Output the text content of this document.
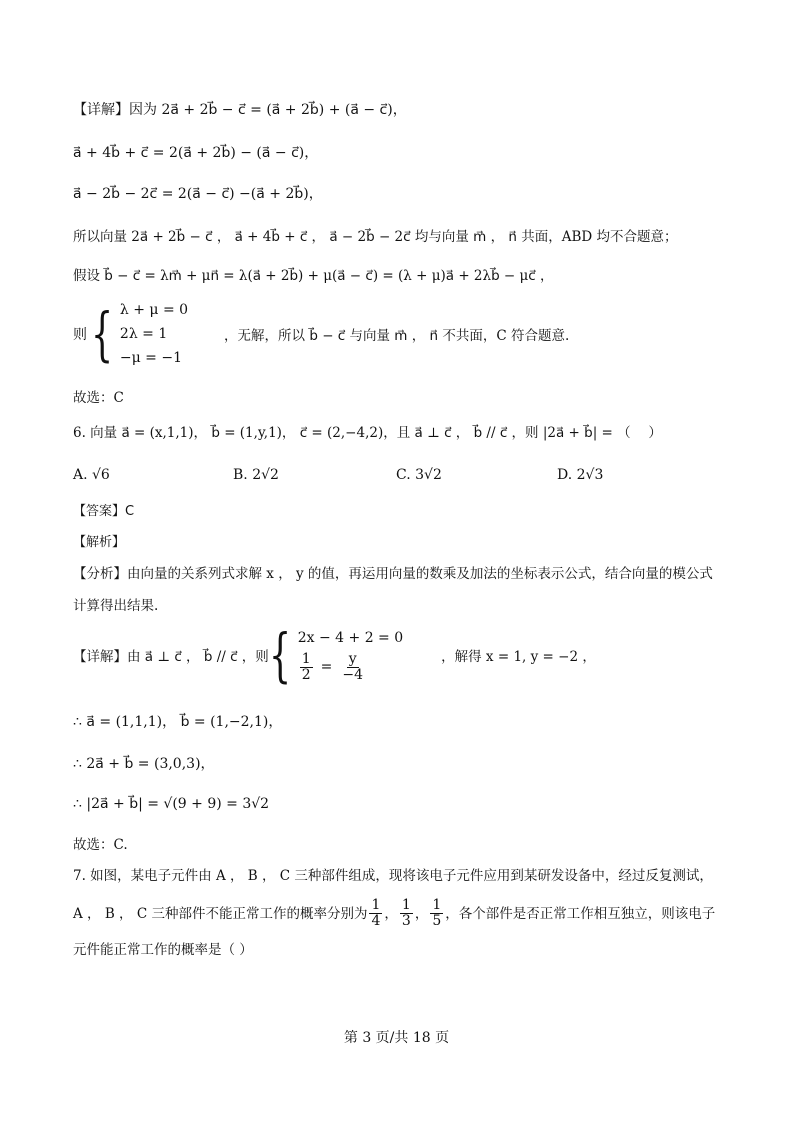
【详解】因为 2a⃗ + 2b⃗ − c⃗ = (a⃗ + 2b⃗) + (a⃗ − c⃗)，
a⃗ + 4b⃗ + c⃗ = 2(a⃗ + 2b⃗) − (a⃗ − c⃗)，
a⃗ − 2b⃗ − 2c⃗ = 2(a⃗ − c⃗) −(a⃗ + 2b⃗)，
所以向量 2a⃗ + 2b⃗ − c⃗ ， a⃗ + 4b⃗ + c⃗ ， a⃗ − 2b⃗ − 2c⃗ 均与向量 m⃗ ， n⃗ 共面，ABD 均不合题意；
假设 b⃗ − c⃗ = λm⃗ + μn⃗ = λ(a⃗ + 2b⃗) + μ(a⃗ − c⃗) = (λ + μ)a⃗ + 2λb⃗ − μc⃗ ，
则 { λ + μ = 0
2λ = 1
−μ = −1
，无解，所以 b⃗ − c⃗ 与向量 m⃗ ， n⃗ 不共面，C 符合题意.
故选：C
6. 向量 a⃗ = (x,1,1)， b⃗ = (1,y,1)， c⃗ = (2,−4,2)，且 a⃗ ⊥ c⃗ ， b⃗ // c⃗ ，则 |2a⃗ + b⃗| = （　 ）
A. √6	B. 2√2	C. 3√2	D. 2√3
【答案】C
【解析】
【分析】由向量的关系列式求解 x ， y 的值，再运用向量的数乘及加法的坐标表示公式，结合向量的模公式
计算得出结果.
【详解】由 a⃗ ⊥ c⃗ ， b⃗ // c⃗ ，则 { 2x − 4 + 2 = 0
$\frac{1}{2} = \frac{y}{-4}$	，解得 x = 1, y = −2 ，
∴ a⃗ = (1,1,1)， b⃗ = (1,−2,1)，
∴ 2a⃗ + b⃗ = (3,0,3)，
∴ |2a⃗ + b⃗| = √(9 + 9) = 3√2
故选：C.
7. 如图，某电子元件由 A ， B ， C 三种部件组成，现将该电子元件应用到某研发设备中，经过反复测试，
A ， B ， C 三种部件不能正常工作的概率分别为 $\frac{1}{4}$ ， $\frac{1}{3}$ ， $\frac{1}{5}$ ，各个部件是否正常工作相互独立，则该电子
元件能正常工作的概率是（ ）
第 3 页/共 18 页
